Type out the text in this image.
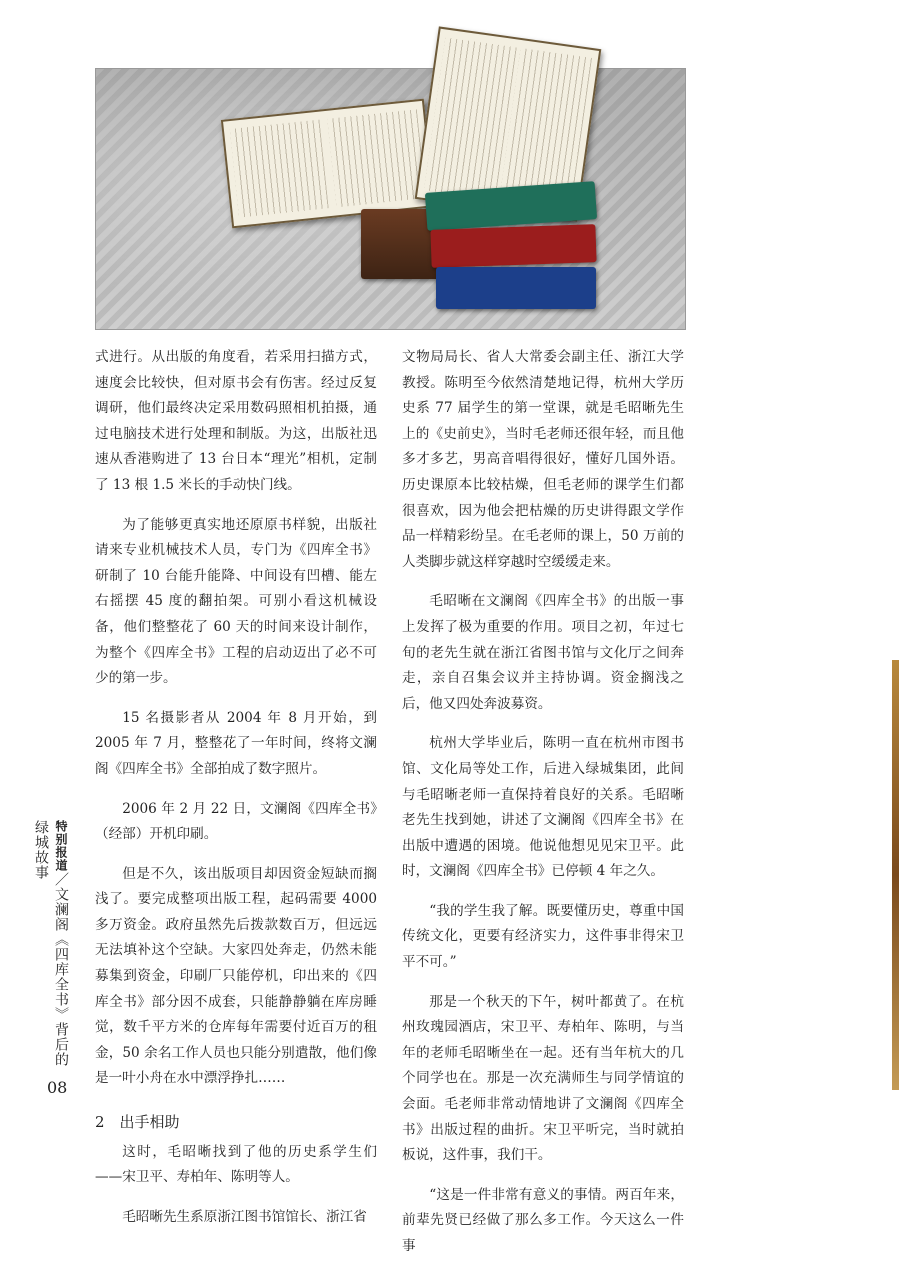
式进行。从出版的角度看，若采用扫描方式，速度会比较快，但对原书会有伤害。经过反复调研，他们最终决定采用数码照相机拍摄，通过电脑技术进行处理和制版。为这，出版社迅速从香港购进了 13 台日本“理光”相机，定制了 13 根 1.5 米长的手动快门线。

为了能够更真实地还原原书样貌，出版社请来专业机械技术人员，专门为《四库全书》研制了 10 台能升能降、中间设有凹槽、能左右摇摆 45 度的翻拍架。可别小看这机械设备，他们整整花了 60 天的时间来设计制作，为整个《四库全书》工程的启动迈出了必不可少的第一步。

15 名摄影者从 2004 年 8 月开始，到 2005 年 7 月，整整花了一年时间，终将文澜阁《四库全书》全部拍成了数字照片。

2006 年 2 月 22 日，文澜阁《四库全书》（经部）开机印刷。

但是不久，该出版项目却因资金短缺而搁浅了。要完成整项出版工程，起码需要 4000 多万资金。政府虽然先后拨款数百万，但远远无法填补这个空缺。大家四处奔走，仍然未能募集到资金，印刷厂只能停机，印出来的《四库全书》部分因不成套，只能静静躺在库房睡觉，数千平方米的仓库每年需要付近百万的租金，50 余名工作人员也只能分别遣散，他们像是一叶小舟在水中漂浮挣扎……

2　出手相助

这时，毛昭晰找到了他的历史系学生们——宋卫平、寿柏年、陈明等人。

毛昭晰先生系原浙江图书馆馆长、浙江省

文物局局长、省人大常委会副主任、浙江大学教授。陈明至今依然清楚地记得，杭州大学历史系 77 届学生的第一堂课，就是毛昭晰先生上的《史前史》，当时毛老师还很年轻，而且他多才多艺，男高音唱得很好，懂好几国外语。历史课原本比较枯燥，但毛老师的课学生们都很喜欢，因为他会把枯燥的历史讲得跟文学作品一样精彩纷呈。在毛老师的课上，50 万前的人类脚步就这样穿越时空缓缓走来。

毛昭晰在文澜阁《四库全书》的出版一事上发挥了极为重要的作用。项目之初，年过七旬的老先生就在浙江省图书馆与文化厅之间奔走，亲自召集会议并主持协调。资金搁浅之后，他又四处奔波募资。

杭州大学毕业后，陈明一直在杭州市图书馆、文化局等处工作，后进入绿城集团，此间与毛昭晰老师一直保持着良好的关系。毛昭晰老先生找到她，讲述了文澜阁《四库全书》在出版中遭遇的困境。他说他想见见宋卫平。此时，文澜阁《四库全书》已停顿 4 年之久。

“我的学生我了解。既要懂历史，尊重中国传统文化，更要有经济实力，这件事非得宋卫平不可。”

那是一个秋天的下午，树叶都黄了。在杭州玫瑰园酒店，宋卫平、寿柏年、陈明，与当年的老师毛昭晰坐在一起。还有当年杭大的几个同学也在。那是一次充满师生与同学情谊的会面。毛老师非常动情地讲了文澜阁《四库全书》出版过程的曲折。宋卫平听完，当时就拍板说，这件事，我们干。

“这是一件非常有意义的事情。两百年来，前辈先贤已经做了那么多工作。今天这么一件事

特别报道／文澜阁《四库全书》背后的绿城故事
08
